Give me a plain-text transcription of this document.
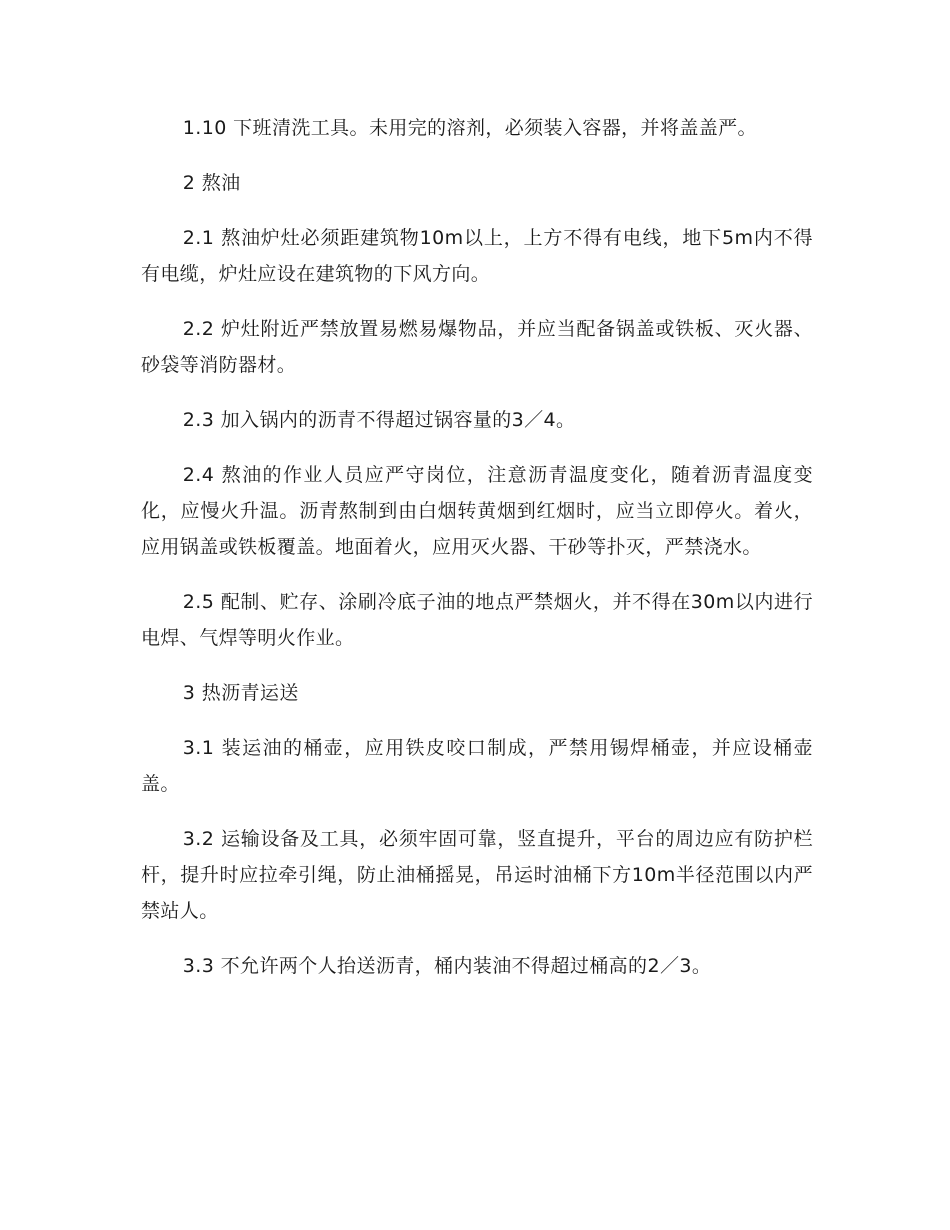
1.10 下班清洗工具。未用完的溶剂，必须装入容器，并将盖盖严。

2 熬油

2.1 熬油炉灶必须距建筑物10m以上，上方不得有电线，地下5m内不得有电缆，炉灶应设在建筑物的下风方向。

2.2 炉灶附近严禁放置易燃易爆物品，并应当配备锅盖或铁板、灭火器、砂袋等消防器材。

2.3 加入锅内的沥青不得超过锅容量的3／4。

2.4 熬油的作业人员应严守岗位，注意沥青温度变化，随着沥青温度变化，应慢火升温。沥青熬制到由白烟转黄烟到红烟时，应当立即停火。着火，应用锅盖或铁板覆盖。地面着火，应用灭火器、干砂等扑灭，严禁浇水。

2.5 配制、贮存、涂刷冷底子油的地点严禁烟火，并不得在30m以内进行电焊、气焊等明火作业。

3 热沥青运送

3.1 装运油的桶壶，应用铁皮咬口制成，严禁用锡焊桶壶，并应设桶壶盖。

3.2 运输设备及工具，必须牢固可靠，竖直提升，平台的周边应有防护栏杆，提升时应拉牵引绳，防止油桶摇晃，吊运时油桶下方10m半径范围以内严禁站人。

3.3 不允许两个人抬送沥青，桶内装油不得超过桶高的2／3。
